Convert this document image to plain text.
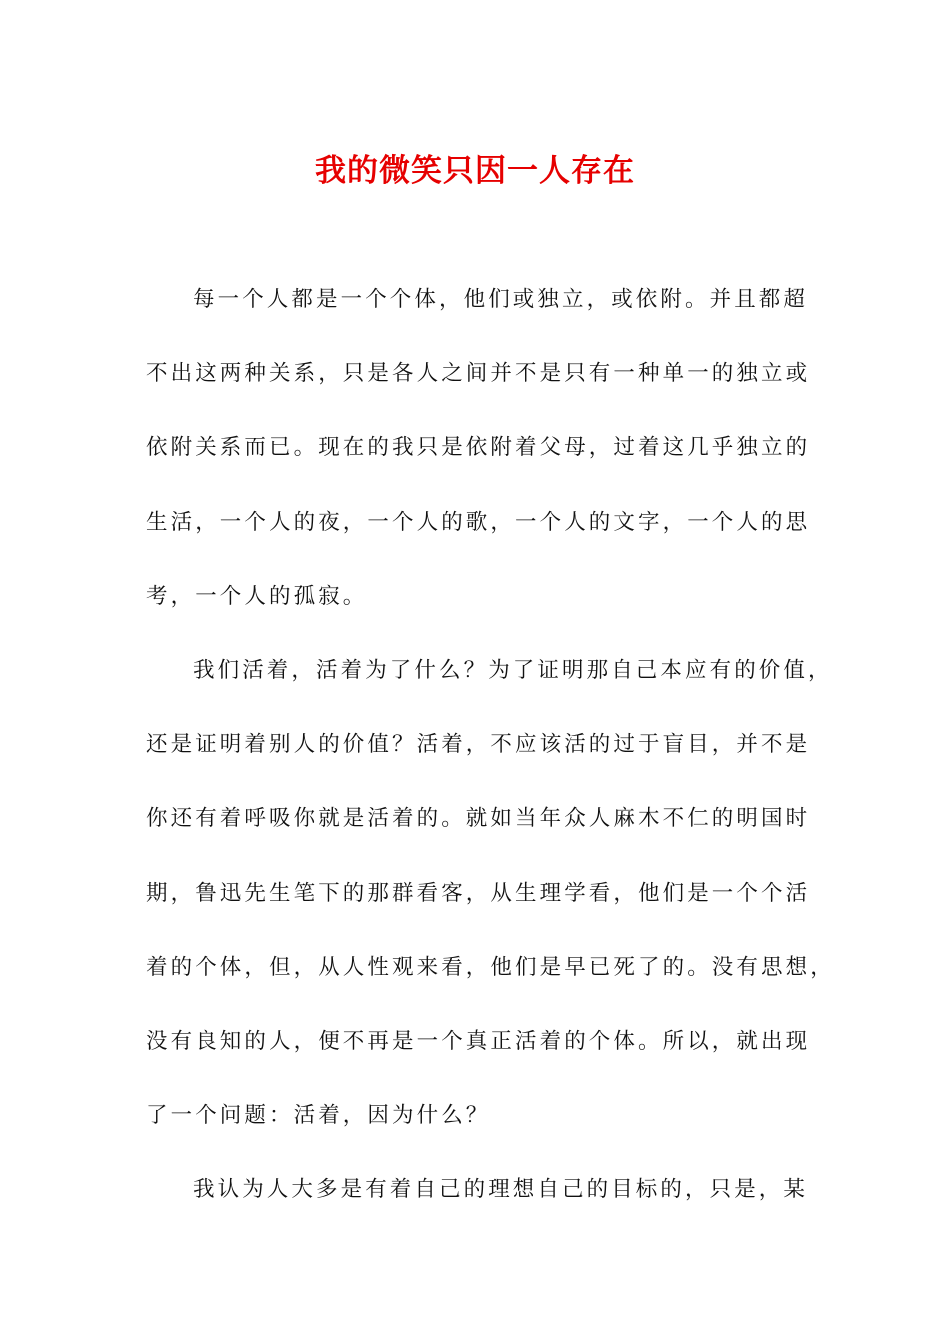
我的微笑只因一人存在
每一个人都是一个个体，他们或独立，或依附。并且都超
不出这两种关系，只是各人之间并不是只有一种单一的独立或
依附关系而已。现在的我只是依附着父母，过着这几乎独立的
生活，一个人的夜，一个人的歌，一个人的文字，一个人的思
考，一个人的孤寂。
我们活着，活着为了什么？为了证明那自己本应有的价值，
还是证明着别人的价值？活着，不应该活的过于盲目，并不是
你还有着呼吸你就是活着的。就如当年众人麻木不仁的明国时
期，鲁迅先生笔下的那群看客，从生理学看，他们是一个个活
着的个体，但，从人性观来看，他们是早已死了的。没有思想，
没有良知的人，便不再是一个真正活着的个体。所以，就出现
了一个问题：活着，因为什么？
我认为人大多是有着自己的理想自己的目标的，只是，某
